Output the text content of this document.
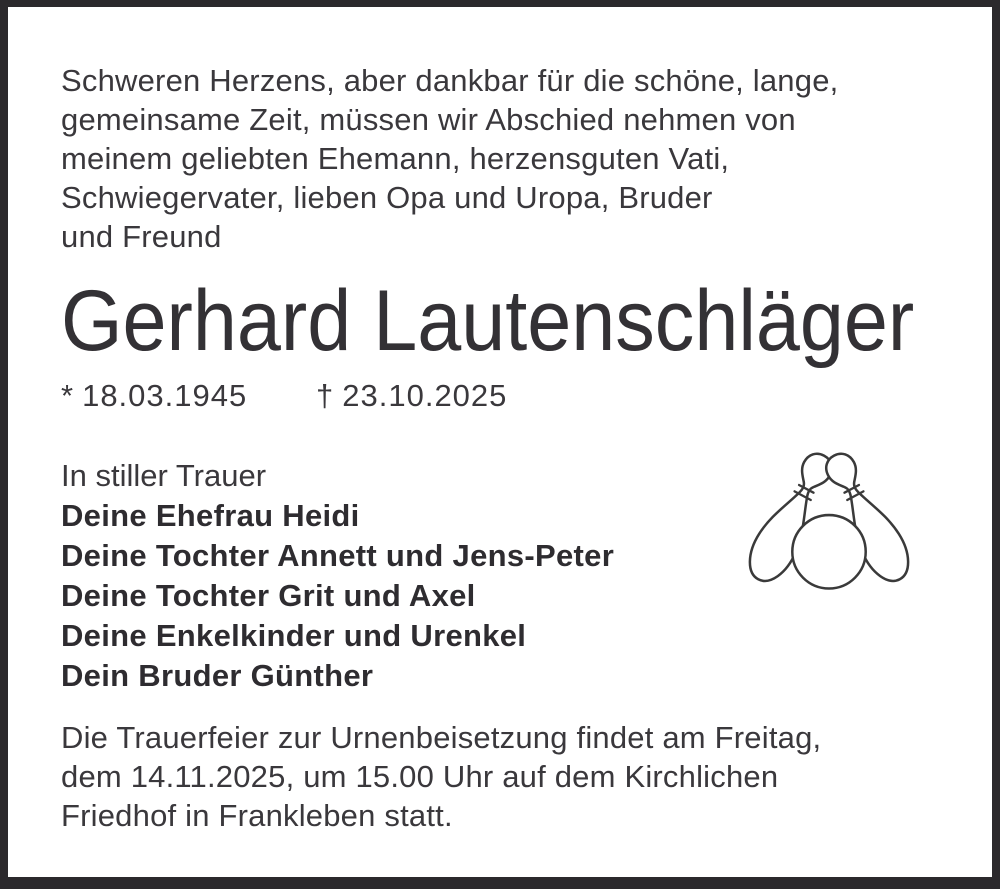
Schweren Herzens, aber dankbar für die schöne, lange,
gemeinsame Zeit, müssen wir Abschied nehmen von
meinem geliebten Ehemann, herzensguten Vati,
Schwiegervater, lieben Opa und Uropa, Bruder
und Freund
Gerhard Lautenschläger
* 18.03.1945 † 23.10.2025
In stiller Trauer
Deine Ehefrau Heidi
Deine Tochter Annett und Jens-Peter
Deine Tochter Grit und Axel
Deine Enkelkinder und Urenkel
Dein Bruder Günther
Die Trauerfeier zur Urnenbeisetzung findet am Freitag,
dem 14.11.2025, um 15.00 Uhr auf dem Kirchlichen
Friedhof in Frankleben statt.
